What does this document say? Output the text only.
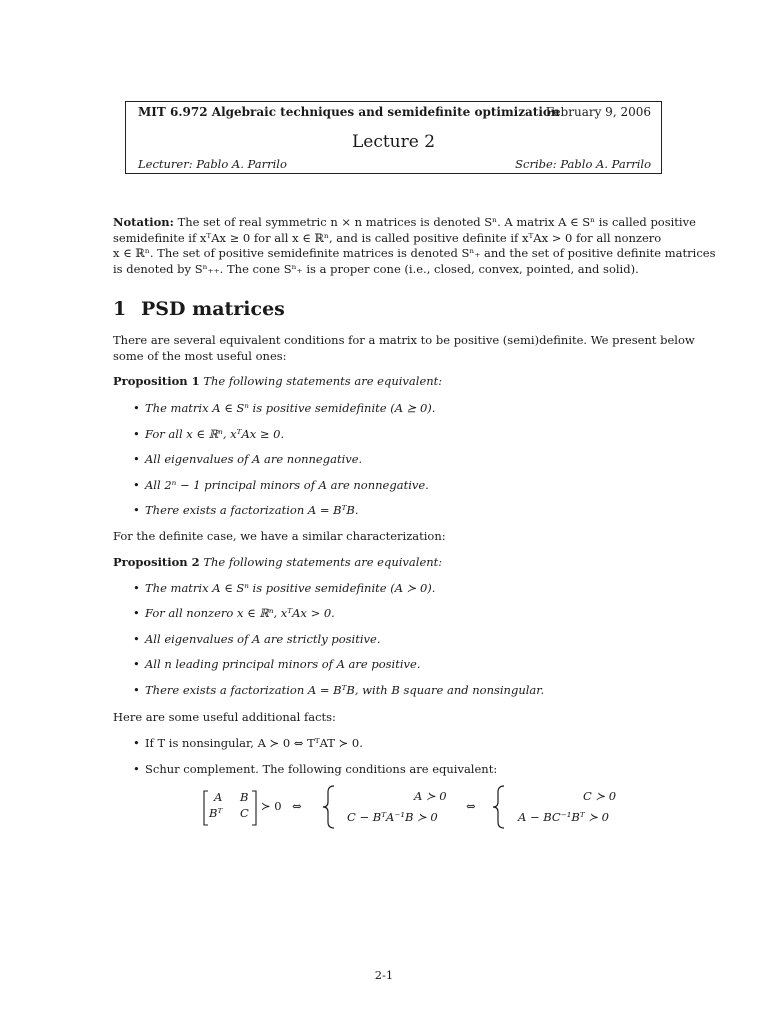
MIT 6.972 Algebraic techniques and semidefinite optimization
February 9, 2006
Lecture 2
Lecturer: Pablo A. Parrilo	Scribe: Pablo A. Parrilo
Notation: The set of real symmetric n × n matrices is denoted Sⁿ. A matrix A ∈ Sⁿ is called positive
semidefinite if xᵀAx ≥ 0 for all x ∈ ℝⁿ, and is called positive definite if xᵀAx > 0 for all nonzero
x ∈ ℝⁿ. The set of positive semidefinite matrices is denoted Sⁿ₊ and the set of positive definite matrices
is denoted by Sⁿ₊₊. The cone Sⁿ₊ is a proper cone (i.e., closed, convex, pointed, and solid).
1 PSD matrices
There are several equivalent conditions for a matrix to be positive (semi)definite. We present below
some of the most useful ones:
Proposition 1 The following statements are equivalent:
• The matrix A ∈ Sⁿ is positive semidefinite (A ⪰ 0).
• For all x ∈ ℝⁿ, xᵀAx ≥ 0.
• All eigenvalues of A are nonnegative.
• All 2ⁿ − 1 principal minors of A are nonnegative.
• There exists a factorization A = BᵀB.
For the definite case, we have a similar characterization:
Proposition 2 The following statements are equivalent:
• The matrix A ∈ Sⁿ is positive semidefinite (A ≻ 0).
• For all nonzero x ∈ ℝⁿ, xᵀAx > 0.
• All eigenvalues of A are strictly positive.
• All n leading principal minors of A are positive.
• There exists a factorization A = BᵀB, with B square and nonsingular.
Here are some useful additional facts:
• If T is nonsingular, A ≻ 0 ⇔ TᵀAT ≻ 0.
• Schur complement. The following conditions are equivalent:
A B
Bᵀ C ≻ 0 ⇔
A ≻ 0
C − BᵀA⁻¹B ≻ 0
⇔
C ≻ 0
A − BC⁻¹Bᵀ ≻ 0
2-1
